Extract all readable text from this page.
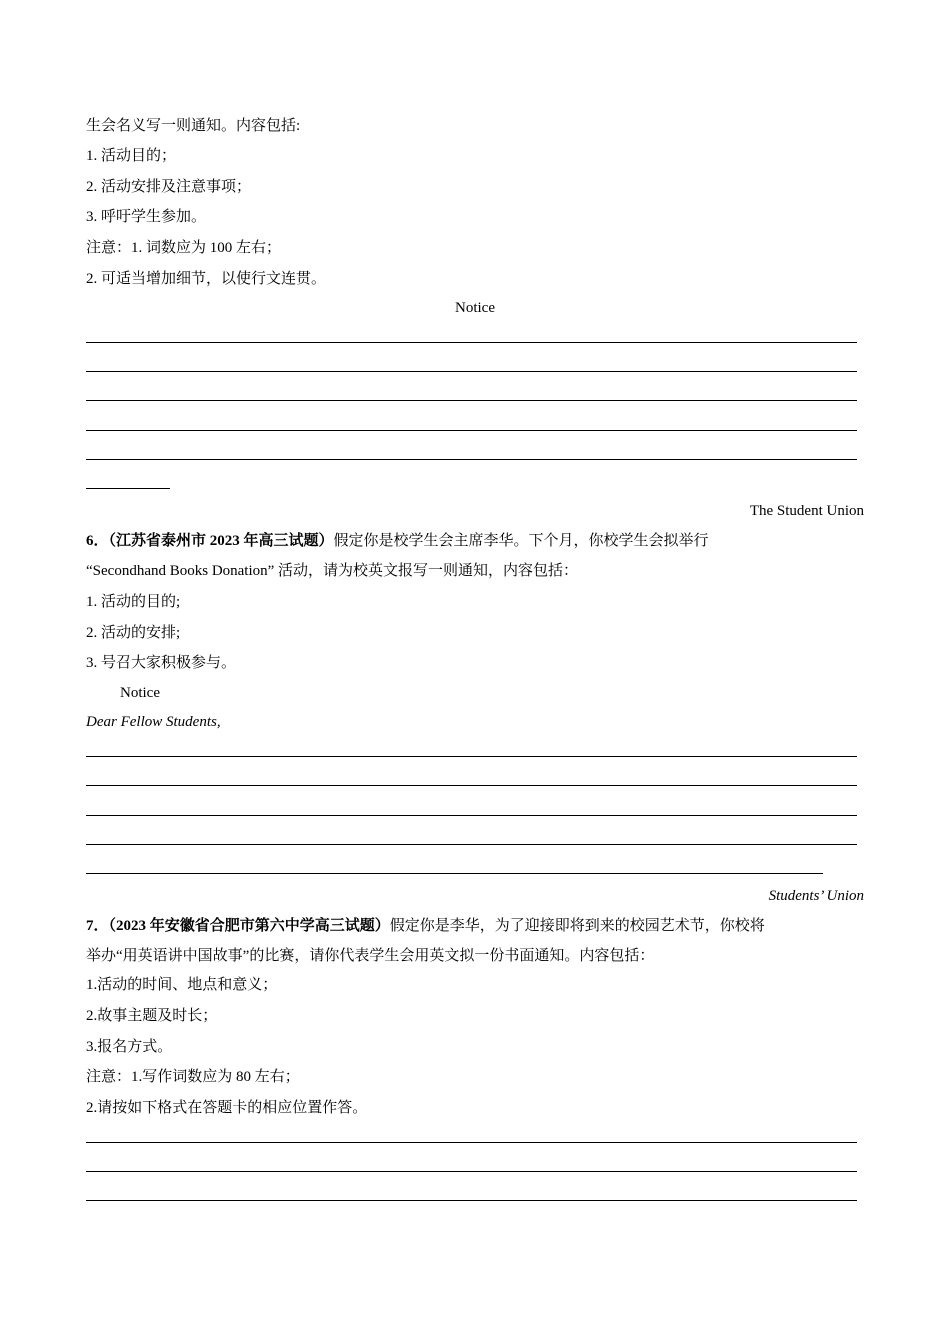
生会名义写一则通知。内容包括:
1. 活动目的；
2. 活动安排及注意事项；
3. 呼吁学生参加。
注意：1. 词数应为 100 左右；
2. 可适当增加细节，以使行文连贯。
Notice
The Student Union
6．（江苏省泰州市 2023 年高三试题）假定你是校学生会主席李华。下个月，你校学生会拟举行
“Secondhand Books Donation” 活动，请为校英文报写一则通知，内容包括：
1. 活动的目的;
2. 活动的安排;
3. 号召大家积极参与。
Notice
Dear Fellow Students,
Students’ Union
7．（2023 年安徽省合肥市第六中学高三试题）假定你是李华，为了迎接即将到来的校园艺术节，你校将
举办“用英语讲中国故事”的比赛，请你代表学生会用英文拟一份书面通知。内容包括：
1.活动的时间、地点和意义；
2.故事主题及时长；
3.报名方式。
注意：1.写作词数应为 80 左右；
2.请按如下格式在答题卡的相应位置作答。
